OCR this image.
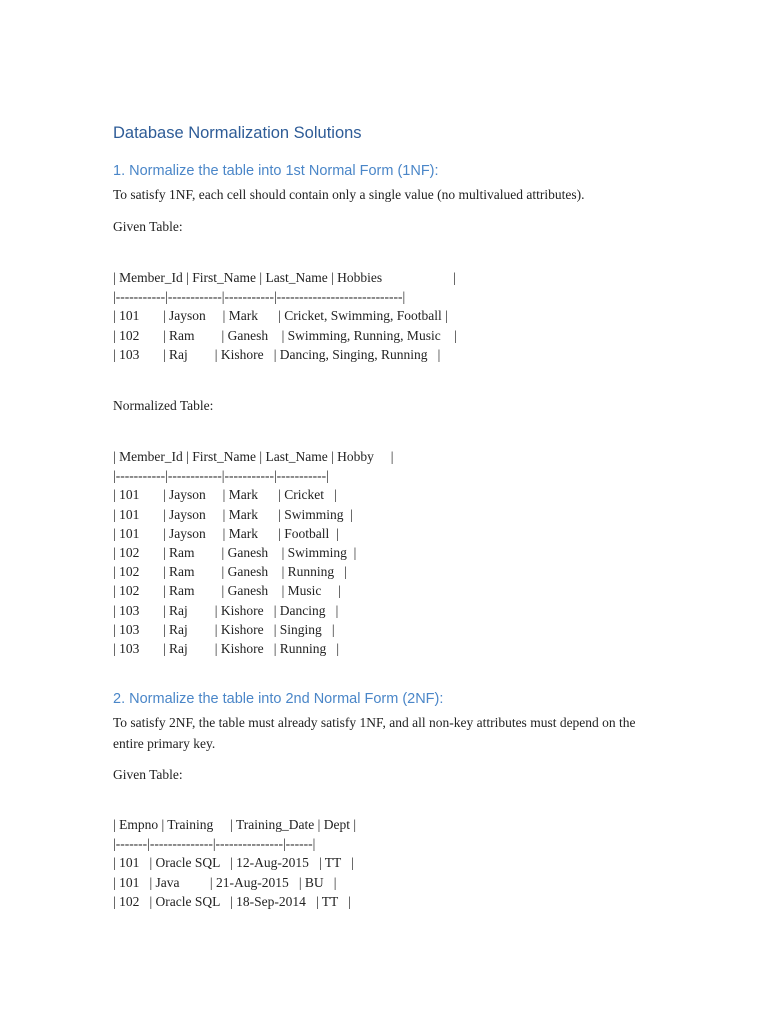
Database Normalization Solutions
1. Normalize the table into 1st Normal Form (1NF):

To satisfy 1NF, each cell should contain only a single value (no multivalued attributes).

Given Table:

| Member_Id | First_Name | Last_Name | Hobbies                     |
|-----------|------------|-----------|----------------------------|
| 101       | Jayson     | Mark      | Cricket, Swimming, Football |
| 102       | Ram        | Ganesh    | Swimming, Running, Music    |
| 103       | Raj        | Kishore   | Dancing, Singing, Running   |

Normalized Table:

| Member_Id | First_Name | Last_Name | Hobby     |
|-----------|------------|-----------|-----------|
| 101       | Jayson     | Mark      | Cricket   |
| 101       | Jayson     | Mark      | Swimming  |
| 101       | Jayson     | Mark      | Football  |
| 102       | Ram        | Ganesh    | Swimming  |
| 102       | Ram        | Ganesh    | Running   |
| 102       | Ram        | Ganesh    | Music     |
| 103       | Raj        | Kishore   | Dancing   |
| 103       | Raj        | Kishore   | Singing   |
| 103       | Raj        | Kishore   | Running   |
2. Normalize the table into 2nd Normal Form (2NF):

To satisfy 2NF, the table must already satisfy 1NF, and all non-key attributes must depend on the entire primary key.

Given Table:

| Empno | Training     | Training_Date | Dept |
|-------|--------------|---------------|------|
| 101   | Oracle SQL   | 12-Aug-2015   | TT   |
| 101   | Java         | 21-Aug-2015   | BU   |
| 102   | Oracle SQL   | 18-Sep-2014   | TT   |
